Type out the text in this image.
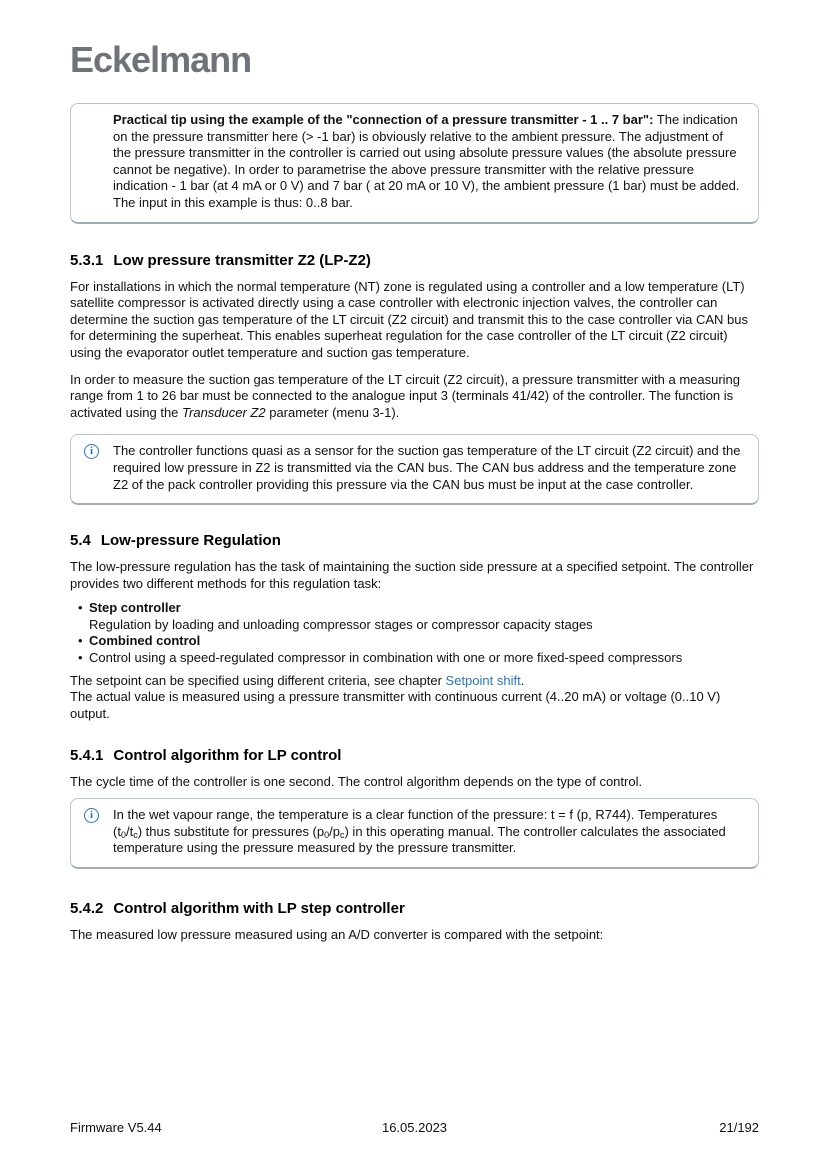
Eckelmann
Practical tip using the example of the "connection of a pressure transmitter - 1 .. 7 bar": The indication on the pressure transmitter here (> -1 bar) is obviously relative to the ambient pressure. The adjustment of the pressure transmitter in the controller is carried out using absolute pressure values (the absolute pressure cannot be negative). In order to parametrise the above pressure transmitter with the relative pressure indication - 1 bar (at 4 mA or 0 V) and 7 bar ( at 20 mA or 10 V), the ambient pressure (1 bar) must be added. The input in this example is thus: 0..8 bar.
5.3.1 Low pressure transmitter Z2 (LP-Z2)
For installations in which the normal temperature (NT) zone is regulated using a controller and a low temperature (LT) satellite compressor is activated directly using a case controller with electronic injection valves, the controller can determine the suction gas temperature of the LT circuit (Z2 circuit) and transmit this to the case controller via CAN bus for determining the superheat. This enables superheat regulation for the case controller of the LT circuit (Z2 circuit) using the evaporator outlet temperature and suction gas temperature.
In order to measure the suction gas temperature of the LT circuit (Z2 circuit), a pressure transmitter with a measuring range from 1 to 26 bar must be connected to the analogue input 3 (terminals 41/42) of the controller. The function is activated using the Transducer Z2 parameter (menu 3-1).
i	The controller functions quasi as a sensor for the suction gas temperature of the LT circuit (Z2 circuit) and the required low pressure in Z2 is transmitted via the CAN bus. The CAN bus address and the temperature zone Z2 of the pack controller providing this pressure via the CAN bus must be input at the case controller.
5.4 Low-pressure Regulation
The low-pressure regulation has the task of maintaining the suction side pressure at a specified setpoint. The controller provides two different methods for this regulation task:
• Step controller
Regulation by loading and unloading compressor stages or compressor capacity stages
• Combined control
• Control using a speed-regulated compressor in combination with one or more fixed-speed compressors
The setpoint can be specified using different criteria, see chapter Setpoint shift.
The actual value is measured using a pressure transmitter with continuous current (4..20 mA) or voltage (0..10 V) output.
5.4.1 Control algorithm for LP control
The cycle time of the controller is one second. The control algorithm depends on the type of control.
i	In the wet vapour range, the temperature is a clear function of the pressure: t = f (p, R744). Temperatures $(t_0/t_c)$ thus substitute for pressures $(p_0/p_c)$ in this operating manual. The controller calculates the associated temperature using the pressure measured by the pressure transmitter.
5.4.2 Control algorithm with LP step controller
The measured low pressure measured using an A/D converter is compared with the setpoint:
Firmware V5.44	16.05.2023	21/192
